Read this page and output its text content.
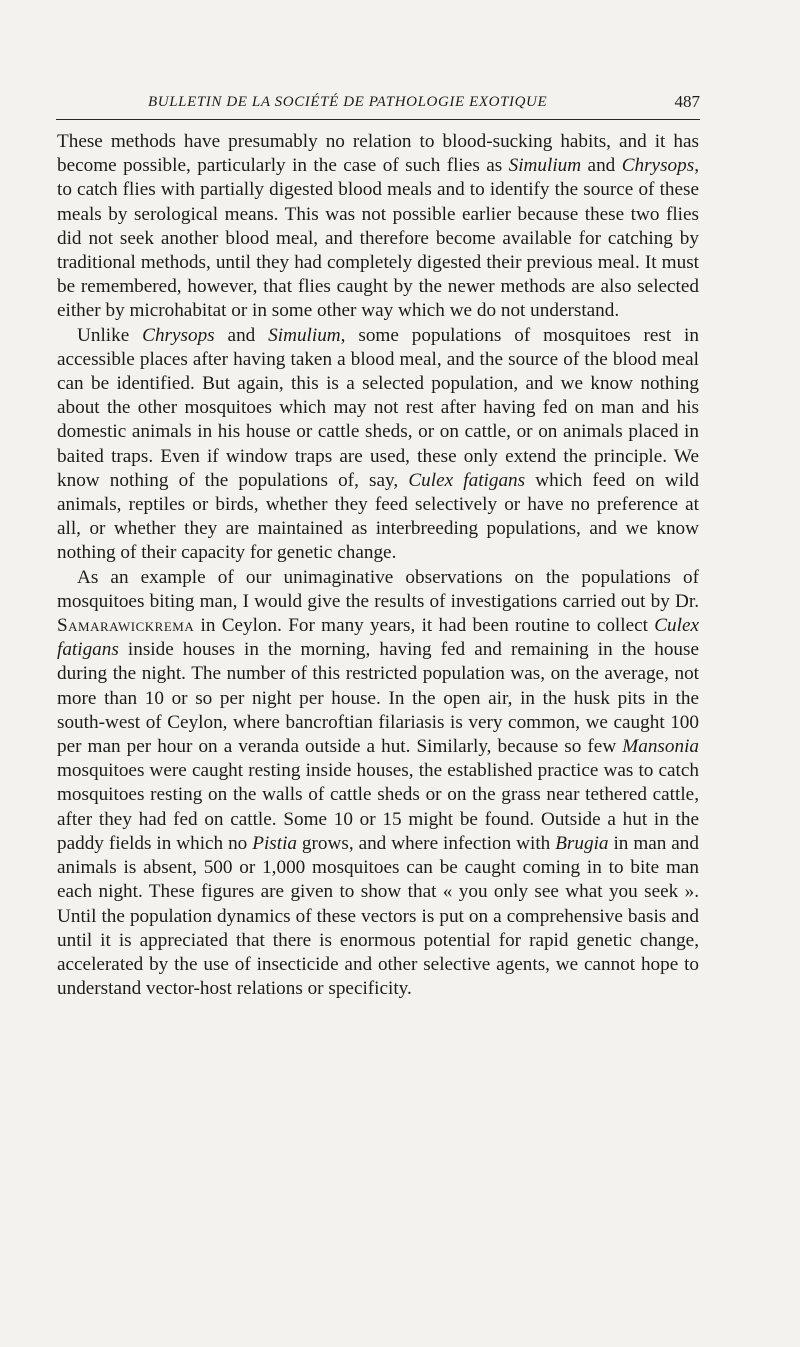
BULLETIN DE LA SOCIÉTÉ DE PATHOLOGIE EXOTIQUE	487

These methods have presumably no relation to blood-sucking habits, and it has become possible, particularly in the case of such flies as Simulium and Chrysops, to catch flies with partially digested blood meals and to identify the source of these meals by serological means. This was not possible earlier because these two flies did not seek another blood meal, and therefore become available for catching by traditional methods, until they had completely digested their previous meal. It must be remembered, however, that flies caught by the newer methods are also selected either by microhabitat or in some other way which we do not understand.

Unlike Chrysops and Simulium, some populations of mosquitoes rest in accessible places after having taken a blood meal, and the source of the blood meal can be identified. But again, this is a selected population, and we know nothing about the other mosquitoes which may not rest after having fed on man and his domestic animals in his house or cattle sheds, or on cattle, or on animals placed in baited traps. Even if window traps are used, these only extend the principle. We know nothing of the populations of, say, Culex fatigans which feed on wild animals, reptiles or birds, whether they feed selectively or have no preference at all, or whether they are maintained as interbreeding populations, and we know nothing of their capacity for genetic change.

As an example of our unimaginative observations on the populations of mosquitoes biting man, I would give the results of investigations carried out by Dr. Samarawickrema in Ceylon. For many years, it had been routine to collect Culex fatigans inside houses in the morning, having fed and remaining in the house during the night. The number of this restricted population was, on the average, not more than 10 or so per night per house. In the open air, in the husk pits in the south-west of Ceylon, where bancroftian filariasis is very common, we caught 100 per man per hour on a veranda outside a hut. Similarly, because so few Mansonia mosquitoes were caught resting inside houses, the established practice was to catch mosquitoes resting on the walls of cattle sheds or on the grass near tethered cattle, after they had fed on cattle. Some 10 or 15 might be found. Outside a hut in the paddy fields in which no Pistia grows, and where infection with Brugia in man and animals is absent, 500 or 1,000 mosquitoes can be caught coming in to bite man each night. These figures are given to show that « you only see what you seek ». Until the population dynamics of these vectors is put on a comprehensive basis and until it is appreciated that there is enormous potential for rapid genetic change, accelerated by the use of insecticide and other selective agents, we cannot hope to understand vector-host relations or specificity.
